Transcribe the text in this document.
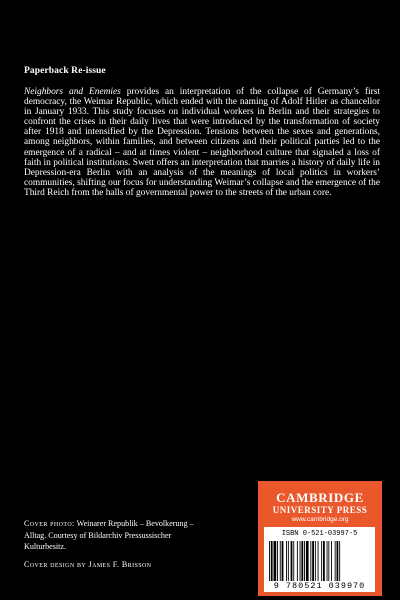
Paperback Re-issue
Neighbors and Enemies provides an interpretation of the collapse of Germany’s first democracy, the Weimar Republic, which ended with the naming of Adolf Hitler as chancellor in January 1933. This study focuses on individual workers in Berlin and their strategies to confront the crises in their daily lives that were introduced by the transformation of society after 1918 and intensified by the Depression. Tensions between the sexes and generations, among neighbors, within families, and between citizens and their political parties led to the emergence of a radical – and at times violent – neighborhood culture that signaled a loss of faith in political institutions. Swett offers an interpretation that marries a history of daily life in Depression-era Berlin with an analysis of the meanings of local politics in workers’ communities, shifting our focus for understanding Weimar’s collapse and the emergence of the Third Reich from the halls of governmental power to the streets of the urban core.
Cover photo: Weinarer Republik – Bevolkerung – Alltag. Courtesy of Bildarchiv Pressussischer Kulturbesitz.
Cover design by James F. Brisson
CAMBRIDGE
UNIVERSITY PRESS
www.cambridge.org
ISBN 0-521-03997-5
9 780521 039970
